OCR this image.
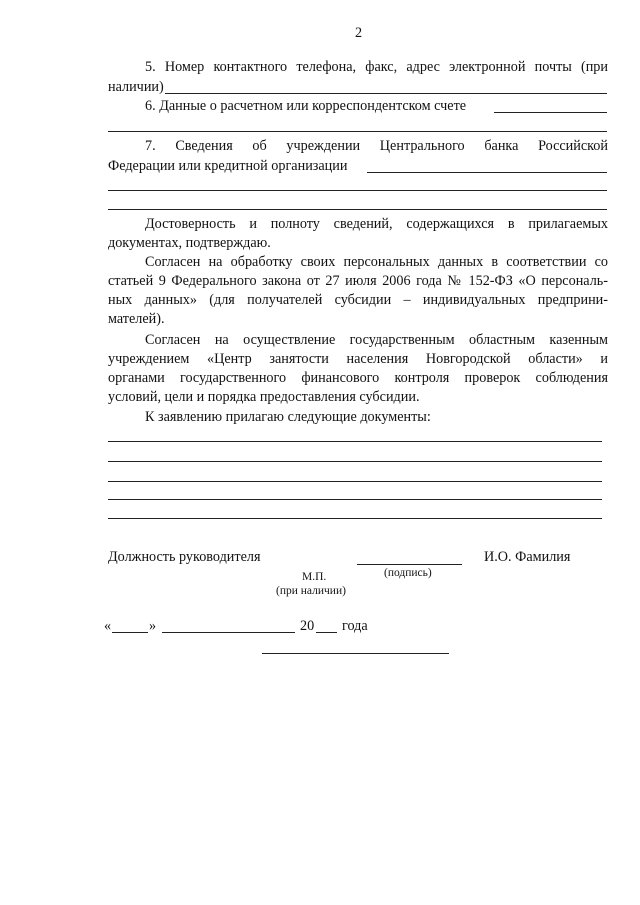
2
5. Номер контактного телефона, факс, адрес электронной почты (при
наличии)
6. Данные о расчетном или корреспондентском счете
7. Сведения об учреждении Центрального банка Российской
Федерации или кредитной организации
Достоверность и полноту сведений, содержащихся в прилагаемых
документах, подтверждаю.
Согласен на обработку своих персональных данных в соответствии со
статьей 9 Федерального закона от 27 июля 2006 года № 152-ФЗ «О персональ-
ных данных» (для получателей субсидии – индивидуальных предприни-
мателей).
Согласен на осуществление государственным областным казенным
учреждением «Центр занятости населения Новгородской области» и
органами государственного финансового контроля проверок соблюдения
условий, цели и порядка предоставления субсидии.
К заявлению прилагаю следующие документы:
Должность руководителя	И.О. Фамилия
(подпись)
М.П.
(при наличии)
«	»	20 года
